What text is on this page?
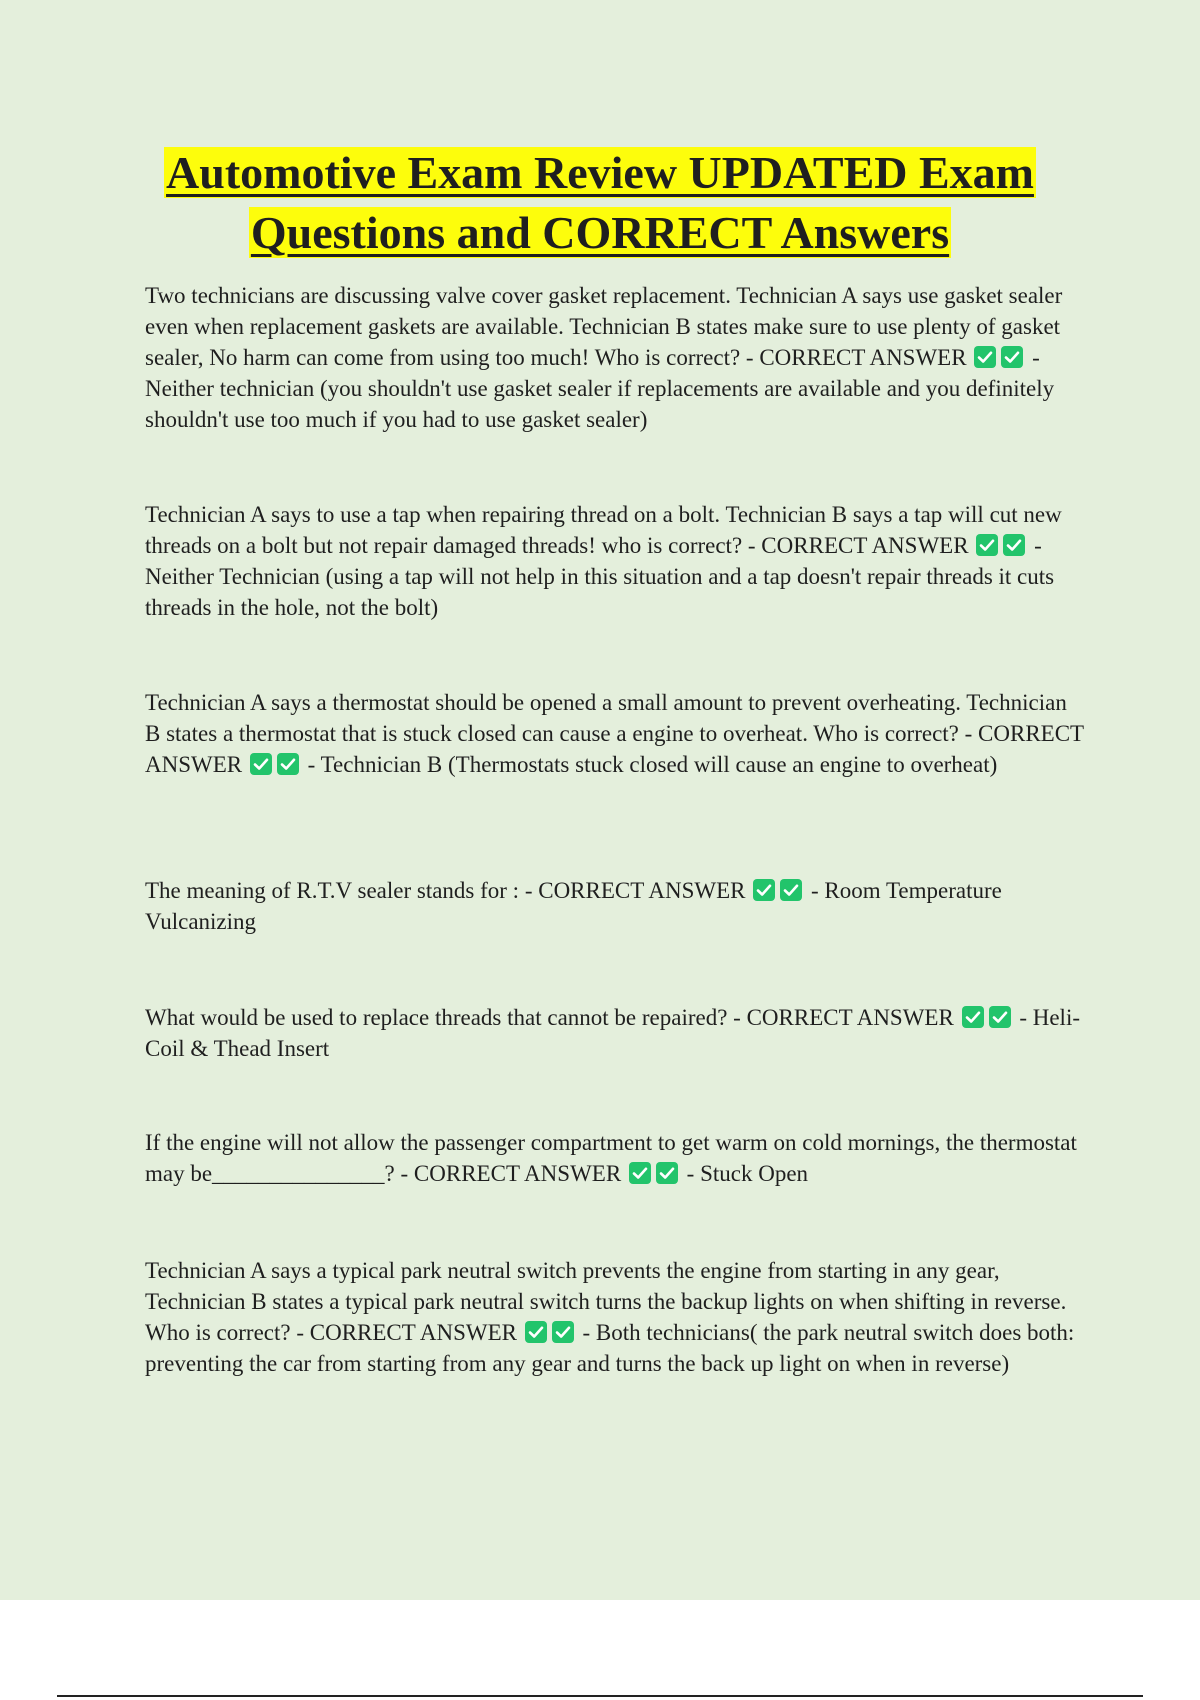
Automotive Exam Review UPDATED Exam
Questions and CORRECT Answers

Two technicians are discussing valve cover gasket replacement. Technician A says use gasket sealer even when replacement gaskets are available. Technician B states make sure to use plenty of gasket sealer, No harm can come from using too much! Who is correct? - CORRECT ANSWER
- Neither technician (you shouldn't use gasket sealer if replacements are available and you definitely shouldn't use too much if you had to use gasket sealer)

Technician A says to use a tap when repairing thread on a bolt. Technician B says a tap will cut new threads on a bolt but not repair damaged threads! who is correct? - CORRECT ANSWER
- Neither Technician (using a tap will not help in this situation and a tap doesn't repair threads it cuts threads in the hole, not the bolt)

Technician A says a thermostat should be opened a small amount to prevent overheating. Technician B states a thermostat that is stuck closed can cause a engine to overheat. Who is correct? - CORRECT ANSWER
- Technician B (Thermostats stuck closed will cause an engine to overheat)

The meaning of R.T.V sealer stands for : - CORRECT ANSWER
- Room Temperature Vulcanizing

What would be used to replace threads that cannot be repaired? - CORRECT ANSWER
- Heli-Coil & Thead Insert

If the engine will not allow the passenger compartment to get warm on cold mornings, the thermostat may be_______________? - CORRECT ANSWER
- Stuck Open

Technician A says a typical park neutral switch prevents the engine from starting in any gear, Technician B states a typical park neutral switch turns the backup lights on when shifting in reverse. Who is correct? - CORRECT ANSWER
- Both technicians( the park neutral switch does both: preventing the car from starting from any gear and turns the back up light on when in reverse)
